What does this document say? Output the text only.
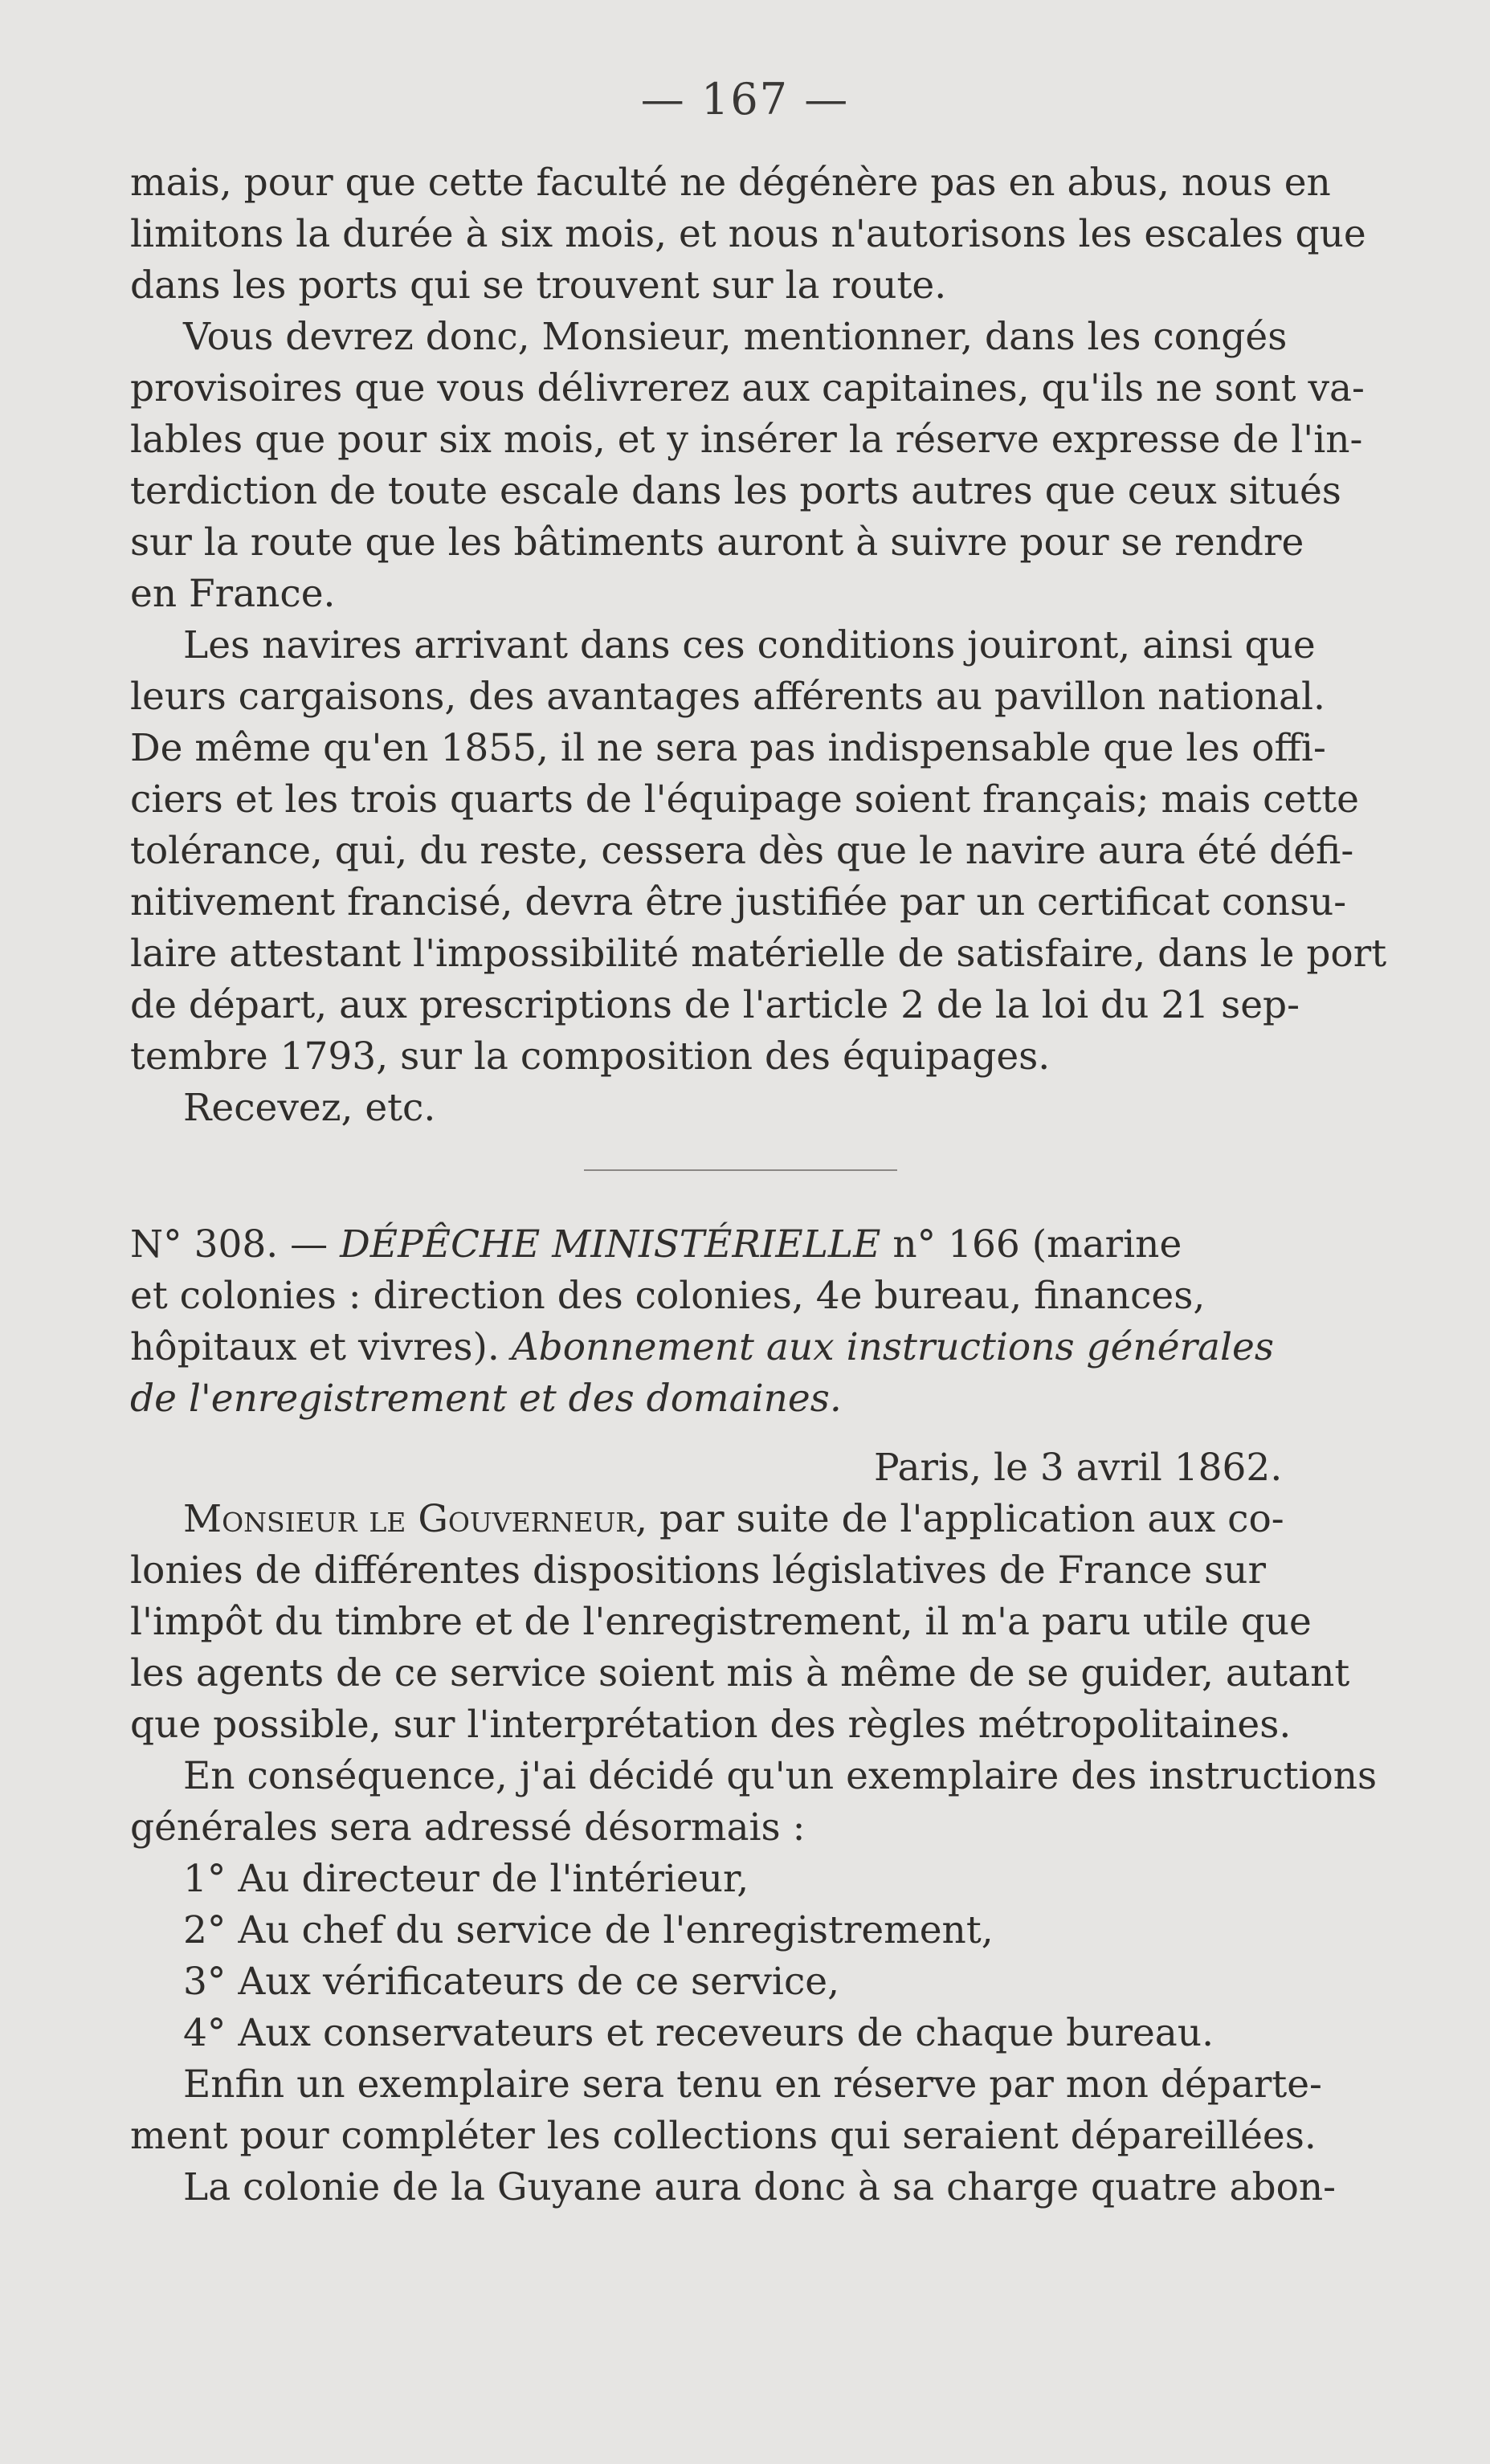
— 167 —
mais, pour que cette faculté ne dégénère pas en abus, nous en
limitons la durée à six mois, et nous n'autorisons les escales que
dans les ports qui se trouvent sur la route.
Vous devrez donc, Monsieur, mentionner, dans les congés
provisoires que vous délivrerez aux capitaines, qu'ils ne sont va-
lables que pour six mois, et y insérer la réserve expresse de l'in-
terdiction de toute escale dans les ports autres que ceux situés
sur la route que les bâtiments auront à suivre pour se rendre
en France.
Les navires arrivant dans ces conditions jouiront, ainsi que
leurs cargaisons, des avantages afférents au pavillon national.
De même qu'en 1855, il ne sera pas indispensable que les offi-
ciers et les trois quarts de l'équipage soient français; mais cette
tolérance, qui, du reste, cessera dès que le navire aura été défi-
nitivement francisé, devra être justifiée par un certificat consu-
laire attestant l'impossibilité matérielle de satisfaire, dans le port
de départ, aux prescriptions de l'article 2 de la loi du 21 sep-
tembre 1793, sur la composition des équipages.
Recevez, etc.
N° 308. — DÉPÊCHE MINISTÉRIELLE n° 166 (marine
et colonies : direction des colonies, 4e bureau, finances,
hôpitaux et vivres). Abonnement aux instructions générales
de l'enregistrement et des domaines.
Paris, le 3 avril 1862.
Monsieur le Gouverneur, par suite de l'application aux co-
lonies de différentes dispositions législatives de France sur
l'impôt du timbre et de l'enregistrement, il m'a paru utile que
les agents de ce service soient mis à même de se guider, autant
que possible, sur l'interprétation des règles métropolitaines.
En conséquence, j'ai décidé qu'un exemplaire des instructions
générales sera adressé désormais :
1° Au directeur de l'intérieur,
2° Au chef du service de l'enregistrement,
3° Aux vérificateurs de ce service,
4° Aux conservateurs et receveurs de chaque bureau.
Enfin un exemplaire sera tenu en réserve par mon départe-
ment pour compléter les collections qui seraient dépareillées.
La colonie de la Guyane aura donc à sa charge quatre abon-
